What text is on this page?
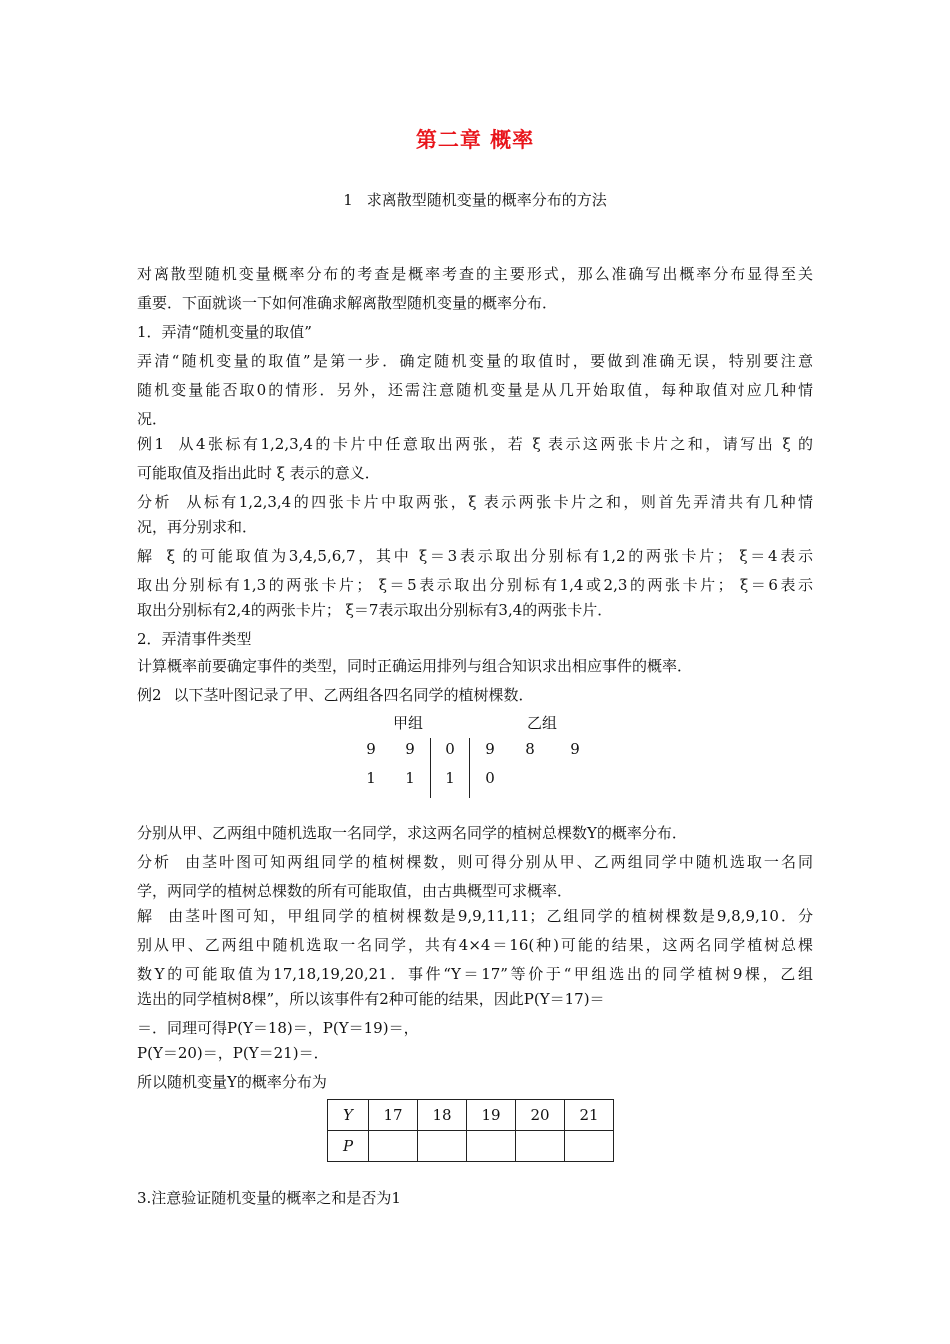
第二章 概率
1 求离散型随机变量的概率分布的方法
对离散型随机变量概率分布的考查是概率考查的主要形式，那么准确写出概率分布显得至关
重要．下面就谈一下如何准确求解离散型随机变量的概率分布．
1．弄清“随机变量的取值”
弄清“随机变量的取值”是第一步．确定随机变量的取值时，要做到准确无误，特别要注意
随机变量能否取0的情形．另外，还需注意随机变量是从几开始取值，每种取值对应几种情
况．
例1 从4张标有1,2,3,4的卡片中任意取出两张，若 ξ 表示这两张卡片之和，请写出 ξ 的
可能取值及指出此时 ξ 表示的意义．
分析 从标有1,2,3,4的四张卡片中取两张，ξ 表示两张卡片之和，则首先弄清共有几种情
况，再分别求和．
解 ξ 的可能取值为3,4,5,6,7，其中 ξ＝3表示取出分别标有1,2的两张卡片； ξ＝4表示
取出分别标有1,3的两张卡片； ξ＝5表示取出分别标有1,4或2,3的两张卡片； ξ＝6表示
取出分别标有2,4的两张卡片； ξ＝7表示取出分别标有3,4的两张卡片．
2．弄清事件类型
计算概率前要确定事件的类型，同时正确运用排列与组合知识求出相应事件的概率．
例2 以下茎叶图记录了甲、乙两组各四名同学的植树棵数．
甲组	乙组
9	9	0	9	8	9
1	1	1	0
分别从甲、乙两组中随机选取一名同学，求这两名同学的植树总棵数Y的概率分布．
分析 由茎叶图可知两组同学的植树棵数，则可得分别从甲、乙两组同学中随机选取一名同
学，两同学的植树总棵数的所有可能取值，由古典概型可求概率．
解 由茎叶图可知，甲组同学的植树棵数是9,9,11,11；乙组同学的植树棵数是9,8,9,10．分
别从甲、乙两组中随机选取一名同学，共有4×4＝16(种)可能的结果，这两名同学植树总棵
数Y的可能取值为17,18,19,20,21．事件“Y＝17”等价于“甲组选出的同学植树9棵，乙组
选出的同学植树8棵”，所以该事件有2种可能的结果，因此P(Y＝17)＝
＝．同理可得P(Y＝18)＝，P(Y＝19)＝，
P(Y＝20)＝，P(Y＝21)＝．
所以随机变量Y的概率分布为
Y	17	18	19	20	21
P					
3.注意验证随机变量的概率之和是否为1
